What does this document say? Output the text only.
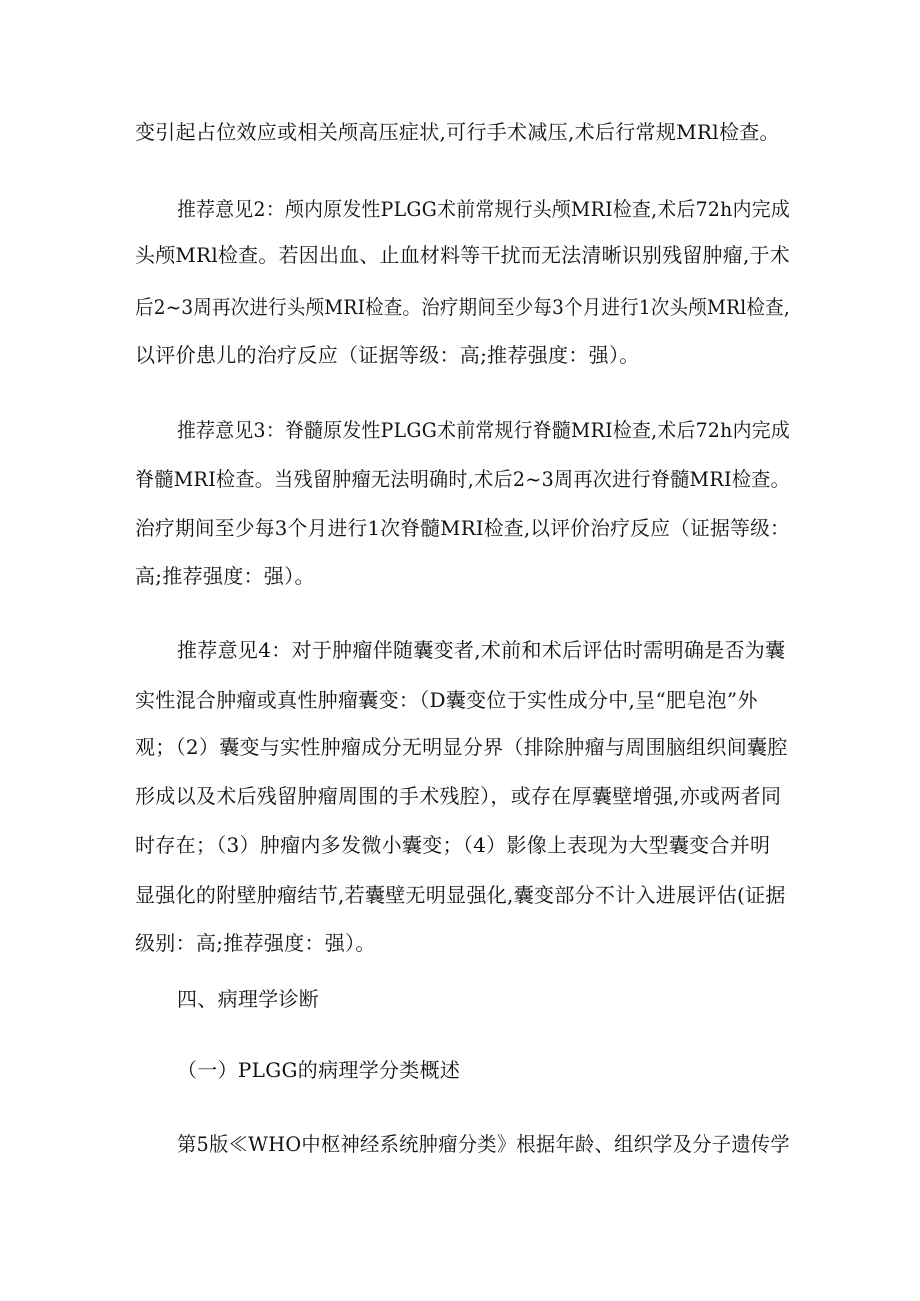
变引起占位效应或相关颅高压症状,可行手术减压,术后行常规MRl检查。
推荐意见2：颅内原发性PLGG术前常规行头颅MRI检查,术后72h内完成
头颅MRl检查。若因出血、止血材料等干扰而无法清晰识别残留肿瘤,于术
后2~3周再次进行头颅MRI检查。治疗期间至少每3个月进行1次头颅MRl检查,
以评价患儿的治疗反应（证据等级：高;推荐强度：强）。
推荐意见3：脊髓原发性PLGG术前常规行脊髓MRI检查,术后72h内完成
脊髓MRI检查。当残留肿瘤无法明确时,术后2~3周再次进行脊髓MRI检查。
治疗期间至少每3个月进行1次脊髓MRI检查,以评价治疗反应（证据等级：
高;推荐强度：强）。
推荐意见4：对于肿瘤伴随囊变者,术前和术后评估时需明确是否为囊
实性混合肿瘤或真性肿瘤囊变：（D囊变位于实性成分中,呈“肥皂泡”外
观；（2）囊变与实性肿瘤成分无明显分界（排除肿瘤与周围脑组织间囊腔
形成以及术后残留肿瘤周围的手术残腔），或存在厚囊壁增强,亦或两者同
时存在；（3）肿瘤内多发微小囊变；（4）影像上表现为大型囊变合并明
显强化的附壁肿瘤结节,若囊壁无明显强化,囊变部分不计入进展评估(证据
级别：高;推荐强度：强）。
四、病理学诊断
（一）PLGG的病理学分类概述
第5版≪WHO中枢神经系统肿瘤分类》根据年龄、组织学及分子遗传学
